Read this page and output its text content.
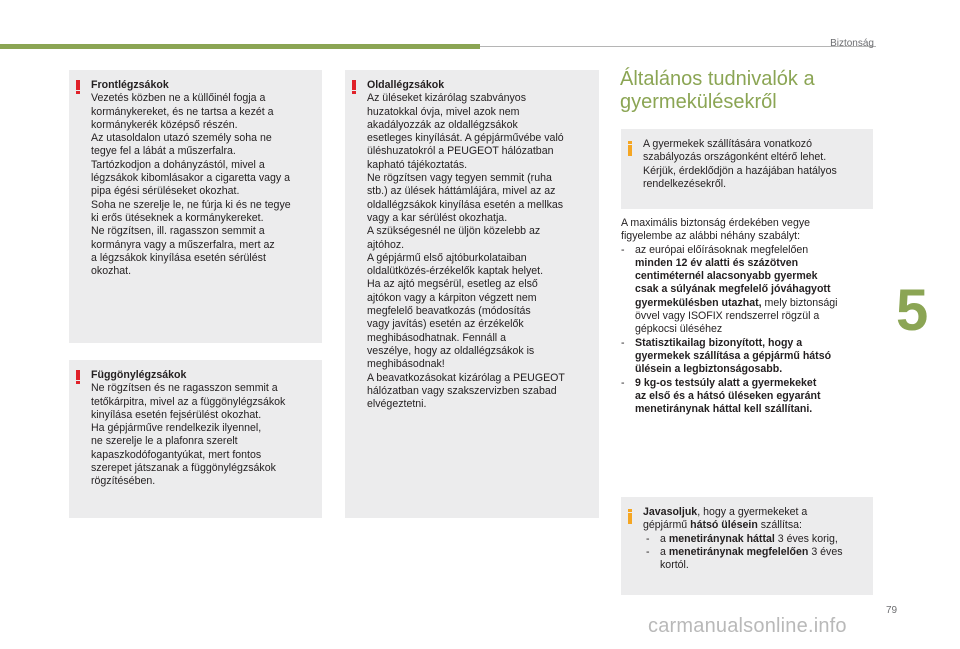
Biztonság
5
79

Frontlégzsákok

Vezetés közben ne a küllőinél fogja a

kormánykereket, és ne tartsa a kezét a

kormánykerék középső részén.

Az utasoldalon utazó személy soha ne

tegye fel a lábát a műszerfalra.

Tartózkodjon a dohányzástól, mivel a

légzsákok kibomlásakor a cigaretta vagy a

pipa égési sérüléseket okozhat.

Soha ne szerelje le, ne fúrja ki és ne tegye

ki erős ütéseknek a kormánykereket.

Ne rögzítsen, ill. ragasszon semmit a

kormányra vagy a műszerfalra, mert az

a légzsákok kinyílása esetén sérülést

okozhat.

Függönylégzsákok

Ne rögzítsen és ne ragasszon semmit a

tetőkárpitra, mivel az a függönylégzsákok

kinyílása esetén fejsérülést okozhat.

Ha gépjárműve rendelkezik ilyennel,

ne szerelje le a plafonra szerelt

kapaszkodófogantyúkat, mert fontos

szerepet játszanak a függönylégzsákok

rögzítésében.

Oldallégzsákok

Az üléseket kizárólag szabványos

huzatokkal óvja, mivel azok nem

akadályozzák az oldallégzsákok

esetleges kinyílását. A gépjárművébe való

üléshuzatokról a PEUGEOT hálózatban

kapható tájékoztatás.

Ne rögzítsen vagy tegyen semmit (ruha

stb.) az ülések háttámlájára, mivel az az

oldallégzsákok kinyílása esetén a mellkas

vagy a kar sérülést okozhatja.

A szükségesnél ne üljön közelebb az

ajtóhoz.

A gépjármű első ajtóburkolataiban

oldalütközés-érzékelők kaptak helyet.

Ha az ajtó megsérül, esetleg az első

ajtókon vagy a kárpiton végzett nem

megfelelő beavatkozás (módosítás

vagy javítás) esetén az érzékelők

meghibásodhatnak. Fennáll a

veszélye, hogy az oldallégzsákok is

meghibásodnak!

A beavatkozásokat kizárólag a PEUGEOT

hálózatban vagy szakszervizben szabad

elvégeztetni.

Általános tudnivalók a
gyermekülésekről

A gyermekek szállítására vonatkozó

szabályozás országonként eltérő lehet.

Kérjük, érdeklődjön a hazájában hatályos

rendelkezésekről.

A maximális biztonság érdekében vegye

figyelembe az alábbi néhány szabályt:

- az európai előírásoknak megfelelően

minden 12 év alatti és százötven

centiméternél alacsonyabb gyermek

csak a súlyának megfelelő jóváhagyott

gyermekülésben utazhat, mely biztonsági

övvel vagy ISOFIX rendszerrel rögzül a

gépkocsi üléséhez

- Statisztikailag bizonyított, hogy a

gyermekek szállítása a gépjármű hátsó

ülésein a legbiztonságosabb.

- 9 kg-os testsúly alatt a gyermekeket

az első és a hátsó üléseken egyaránt

menetiránynak háttal kell szállítani.

Javasoljuk, hogy a gyermekeket a

gépjármű hátsó ülésein szállítsa:

- a menetiránynak háttal 3 éves korig,

- a menetiránynak megfelelően 3 éves

kortól.

carmanualsonline.info
